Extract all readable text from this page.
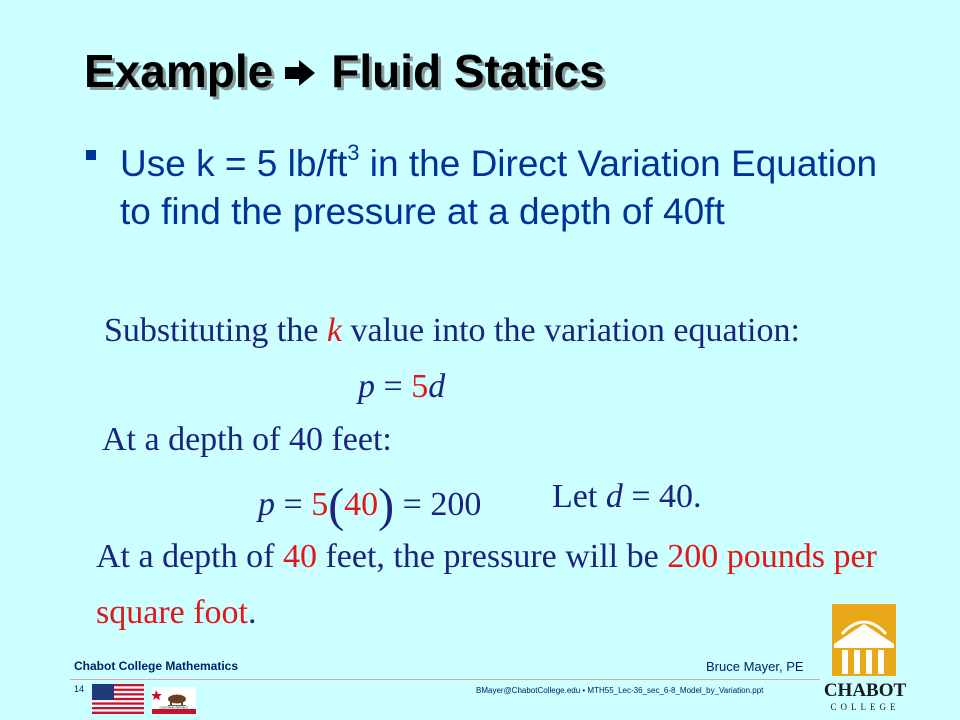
Example Fluid Statics
Use k = 5 $lb/ft^3$ in the Direct Variation Equation to find the pressure at a depth of 40ft
Substituting the k value into the variation equation:
p = 5d
At a depth of 40 feet:
p = 5(40) = 200 Let d = 40.
At a depth of 40 feet, the pressure will be 200 pounds per
square foot.
Chabot College Mathematics	Bruce Mayer, PE
14	BMayer@ChabotCollege.edu • MTH55_Lec-36_sec_6-8_Model_by_Variation.ppt
CALIFORNIA REPUBLIC
CHABOT
COLLEGE
